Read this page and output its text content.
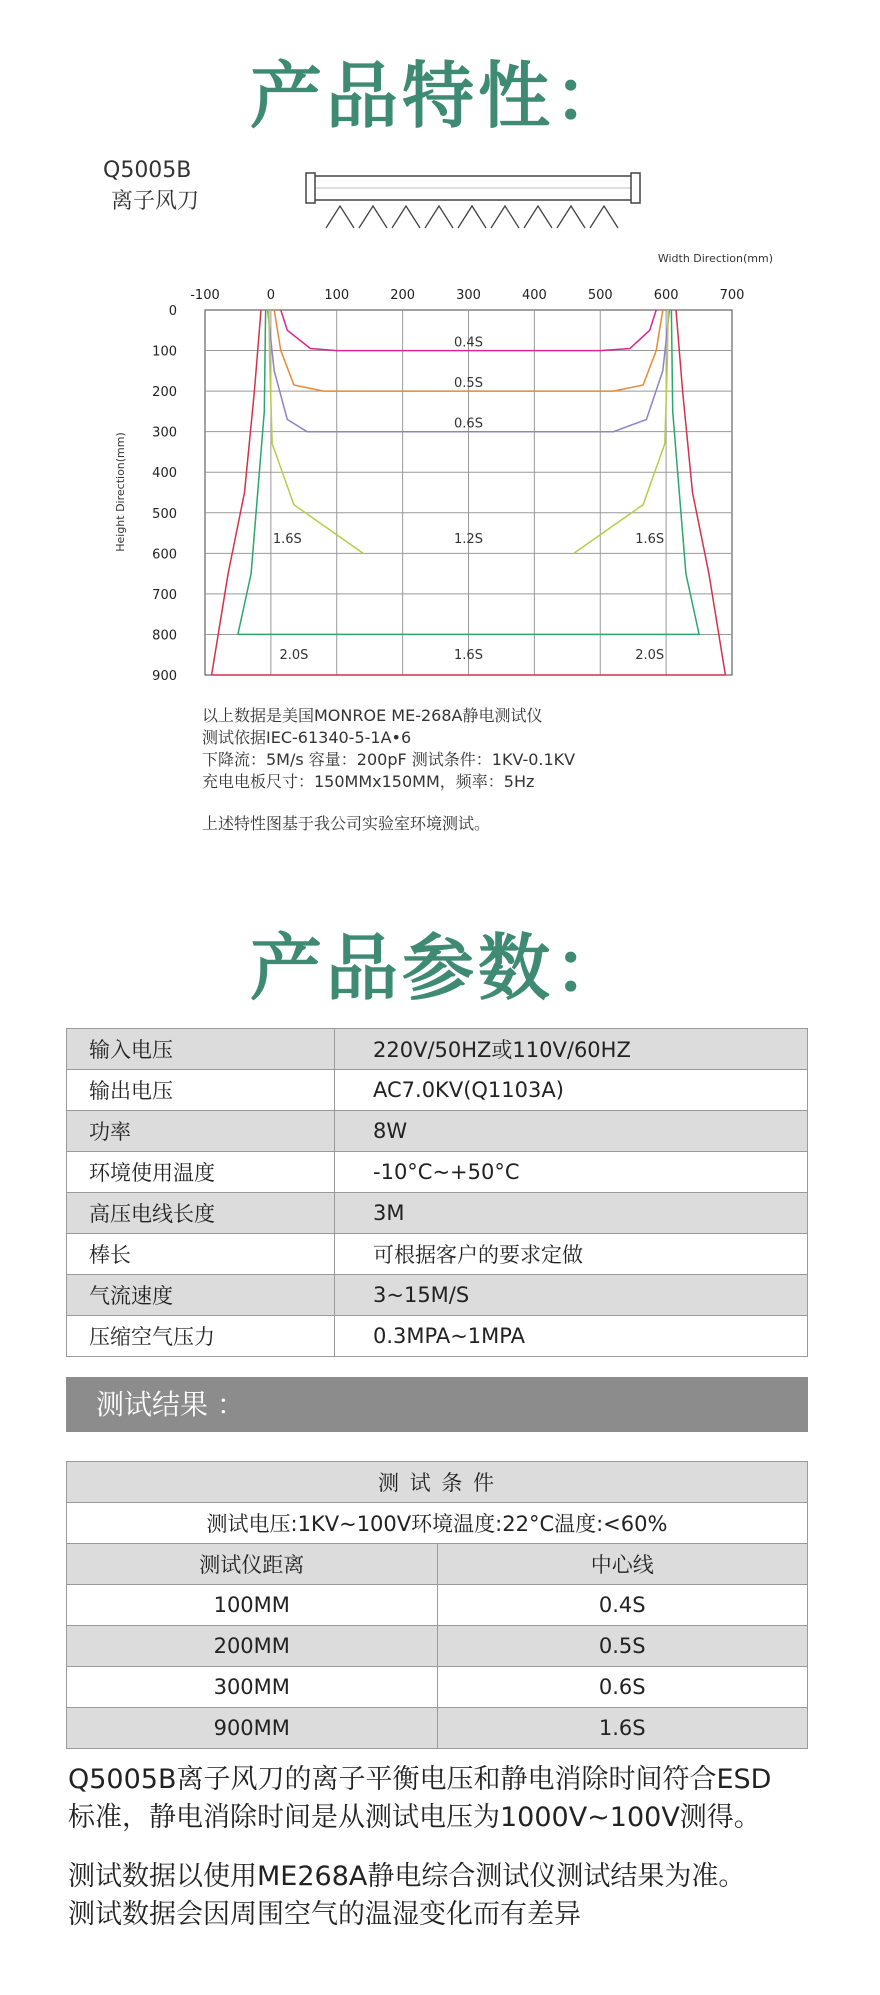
产品特性：
Q5005B
离子风刀
Width Direction(mm)
Height Direction(mm)
-100	0	100	200	300	400	500	600	700
0
100
200
300
400
500
600
700
800
900
0.4S
0.5S
0.6S
1.6S	1.2S	1.6S
2.0S	1.6S	2.0S
以上数据是美国MONROE ME-268A静电测试仪
测试依据IEC-61340-5-1A•6
下降流：5M/s 容量：200pF 测试条件：1KV-0.1KV
充电电板尺寸：150MMx150MM，频率：5Hz
上述特性图基于我公司实验室环境测试。
产品参数：
输入电压	220V/50HZ或110V/60HZ
输出电压	AC7.0KV(Q1103A)
功率	8W
环境使用温度	-10°C~+50°C
高压电线长度	3M
棒长	可根据客户的要求定做
气流速度	3~15M/S
压缩空气压力	0.3MPA~1MPA
测试结果 ：
测 试 条 件	
测试电压:1KV~100V环境温度:22°C温度:<60%	
测试仪距离	中心线
100MM	0.4S
200MM	0.5S
300MM	0.6S
900MM	1.6S
Q5005B离子风刀的离子平衡电压和静电消除时间符合ESD
标准，静电消除时间是从测试电压为1000V~100V测得。
测试数据以使用ME268A静电综合测试仪测试结果为准。
测试数据会因周围空气的温湿变化而有差异
